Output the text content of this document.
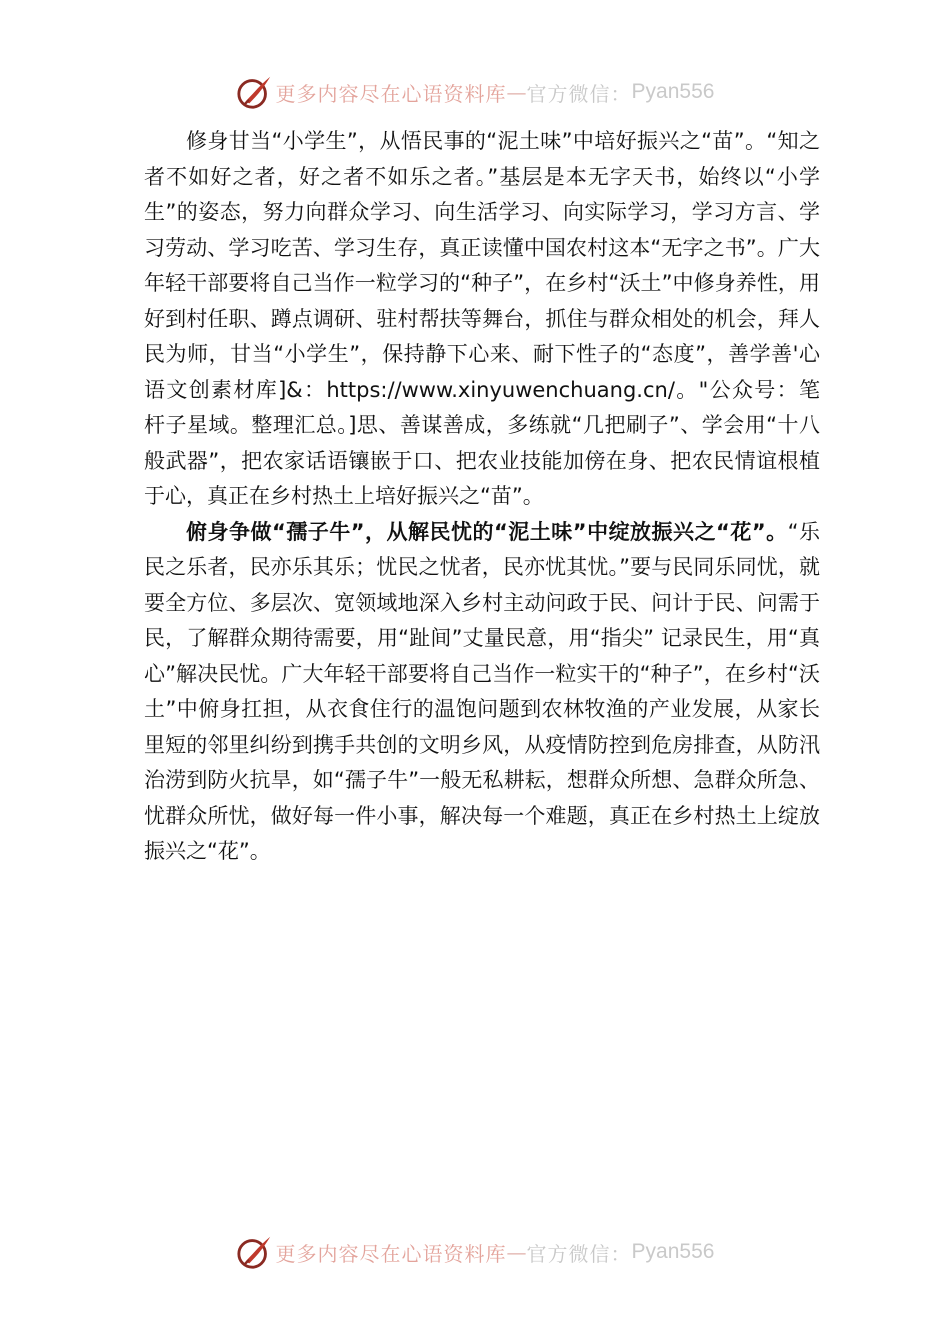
更多内容尽在心语资料库 — 官方微信： Pyan556

修身甘当“小学生”，从悟民事的“泥土味”中培好振兴之“苗”。“知之者不如好之者，好之者不如乐之者。”基层是本无字天书，始终以“小学生”的姿态，努力向群众学习、向生活学习、向实际学习，学习方言、学习劳动、学习吃苦、学习生存，真正读懂中国农村这本“无字之书”。广大年轻干部要将自己当作一粒学习的“种子”，在乡村“沃土”中修身养性，用好到村任职、蹲点调研、驻村帮扶等舞台，抓住与群众相处的机会，拜人民为师，甘当“小学生”，保持静下心来、耐下性子的“态度”，善学善'心语文创素材库]&：https://www.xinyuwenchuang.cn/。"公众号：笔杆子星域。整理汇总。]思、善谋善成，多练就“几把刷子”、学会用“十八般武器”，把农家话语镶嵌于口、把农业技能加傍在身、把农民情谊根植于心，真正在乡村热土上培好振兴之“苗”。

俯身争做“孺子牛”，从解民忧的“泥土味”中绽放振兴之“花”。“乐民之乐者，民亦乐其乐；忧民之忧者，民亦忧其忧。”要与民同乐同忧，就要全方位、多层次、宽领域地深入乡村主动问政于民、问计于民、问需于民，了解群众期待需要，用“趾间”丈量民意，用“指尖” 记录民生，用“真心”解决民忧。广大年轻干部要将自己当作一粒实干的“种子”，在乡村“沃土”中俯身扛担，从衣食住行的温饱问题到农林牧渔的产业发展，从家长里短的邻里纠纷到携手共创的文明乡风，从疫情防控到危房排查，从防汛治涝到防火抗旱，如“孺子牛”一般无私耕耘，想群众所想、急群众所急、忧群众所忧，做好每一件小事，解决每一个难题，真正在乡村热土上绽放振兴之“花”。

更多内容尽在心语资料库 — 官方微信： Pyan556
